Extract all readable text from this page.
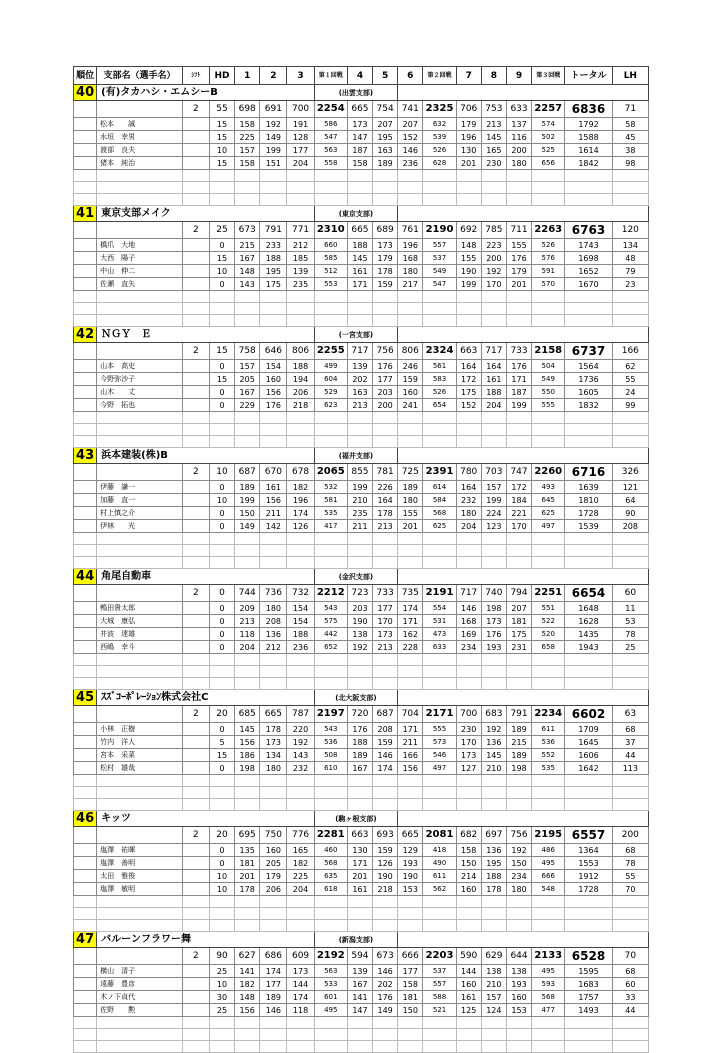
順位	支部名（選手名）	ｼﾌﾄ	HD	1	2	3	第１回戦	4	5	6	第２回戦	7	8	9	第３回戦	トータル	LH
40	(有)タカハシ・エムシーB						(出雲支部)										
		2	55	698	691	700	2254	665	754	741	2325	706	753	633	2257	6836	71
	松本　　誠		15	158	192	191	586	173	207	207	632	179	213	137	574	1792	58
	水垣　幸男		15	225	149	128	547	147	195	152	539	196	145	116	502	1588	45
	渡部　良夫		10	157	199	177	563	187	163	146	526	130	165	200	525	1614	38
	猪本　純治		15	158	151	204	558	158	189	236	628	201	230	180	656	1842	98

41	東京支部メイク						(東京支部)										
		2	25	673	791	771	2310	665	689	761	2190	692	785	711	2263	6763	120
	橋爪　大地		0	215	233	212	660	188	173	196	557	148	223	155	526	1743	134
	大西　陽子		15	167	188	185	585	145	179	168	537	155	200	176	576	1698	48
	中山　伸二		10	148	195	139	512	161	178	180	549	190	192	179	591	1652	79
	佐瀬　直矢		0	143	175	235	553	171	159	217	547	199	170	201	570	1670	23

42	ＮＧＹ　Ｅ						(一宮支部)										
		2	15	758	646	806	2255	717	756	806	2324	663	717	733	2158	6737	166
	山本　高史		0	157	154	188	499	139	176	246	561	164	164	176	504	1564	62
	今野弥沙子		15	205	160	194	604	202	177	159	583	172	161	171	549	1736	55
	山木　　丈		0	167	156	206	529	163	203	160	526	175	188	187	550	1605	24
	今野　拓也		0	229	176	218	623	213	200	241	654	152	204	199	555	1832	99

43	浜本建装(株)B						(福井支部)										
		2	10	687	670	678	2065	855	781	725	2391	780	703	747	2260	6716	326
	伊藤　謙一		0	189	161	182	532	199	226	189	614	164	157	172	493	1639	121
	加藤　直一		10	199	156	196	581	210	164	180	584	232	199	184	645	1810	64
	村上慎之介		0	150	211	174	535	235	178	155	568	180	224	221	625	1728	90
	伊林　　光		0	149	142	126	417	211	213	201	625	204	123	170	497	1539	208

44	角尾自動車						(金沢支部)										
		2	0	744	736	732	2212	723	733	735	2191	717	740	794	2251	6654	60
	鴨田貴太郎		0	209	180	154	543	203	177	174	554	146	198	207	551	1648	11
	大城　康弘		0	213	208	154	575	190	170	171	531	168	173	181	522	1628	53
	井波　達雄		0	118	136	188	442	138	173	162	473	169	176	175	520	1435	78
	西嶋　幸斗		0	204	212	236	652	192	213	228	633	234	193	231	658	1943	25

45	ｽｽﾞｺｰﾎﾟﾚｰｼｮﾝ株式会社C						(北大阪支部)										
		2	20	685	665	787	2197	720	687	704	2171	700	683	791	2234	6602	63
	小林　正樹		0	145	178	220	543	176	208	171	555	230	192	189	611	1709	68
	竹内　洋人		5	156	173	192	536	188	159	211	573	170	136	215	536	1645	37
	宮本　采菜		15	186	134	143	508	189	146	166	546	173	145	189	552	1606	44
	松村　雄哉		0	198	180	232	610	167	174	156	497	127	210	198	535	1642	113

46	キッツ						(駒ヶ根支部)										
		2	20	695	750	776	2281	663	693	665	2081	682	697	756	2195	6557	200
	塩澤　祐暉		0	135	160	165	460	130	159	129	418	158	136	192	486	1364	68
	塩澤　善明		0	181	205	182	568	171	126	193	490	150	195	150	495	1553	78
	太田　雅俊		10	201	179	225	635	201	190	190	611	214	188	234	666	1912	55
	塩澤　敏明		10	178	206	204	618	161	218	153	562	160	178	180	548	1728	70

47	バルーンフラワー舞						(新潟支部)										
		2	90	627	686	609	2192	594	673	666	2203	590	629	644	2133	6528	70
	横山　清子		25	141	174	173	563	139	146	177	537	144	138	138	495	1595	68
	遠藤　豊彦		10	182	177	144	533	167	202	158	557	160	210	193	593	1683	60
	木ノ下貞代		30	148	189	174	601	141	176	181	588	161	157	160	568	1757	33
	佐野　　勲		25	156	146	118	495	147	149	150	521	125	124	153	477	1493	44
